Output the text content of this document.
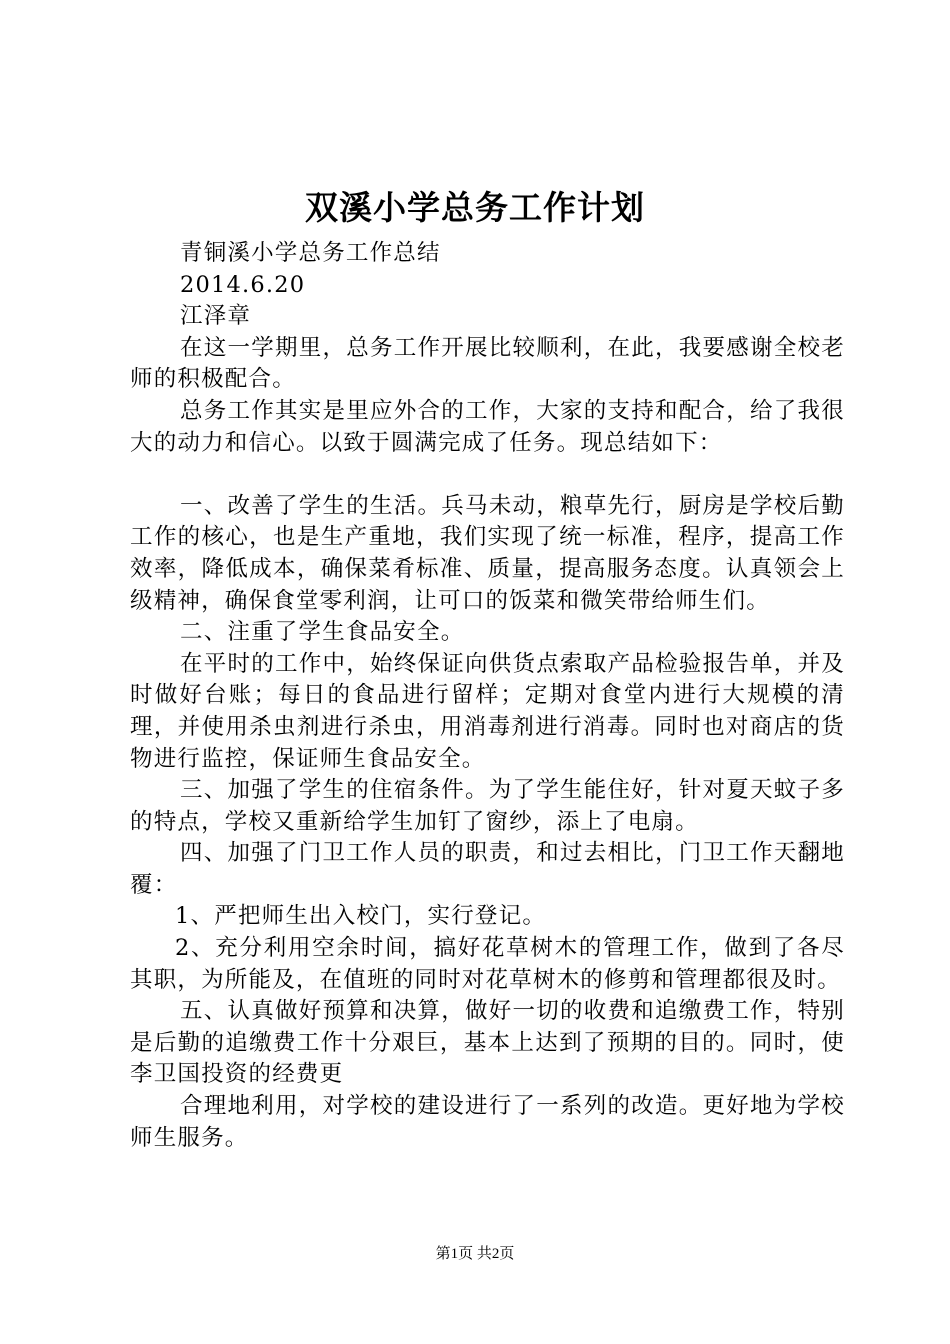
双溪小学总务工作计划

青铜溪小学总务工作总结

2014.6.20

江泽章

在这一学期里，总务工作开展比较顺利，在此，我要感谢全校老师的积极配合。

总务工作其实是里应外合的工作，大家的支持和配合，给了我很大的动力和信心。以致于圆满完成了任务。现总结如下：

一、改善了学生的生活。兵马未动，粮草先行，厨房是学校后勤工作的核心，也是生产重地，我们实现了统一标准，程序，提高工作效率，降低成本，确保菜肴标准、质量，提高服务态度。认真领会上级精神，确保食堂零利润，让可口的饭菜和微笑带给师生们。

二、注重了学生食品安全。

在平时的工作中，始终保证向供货点索取产品检验报告单，并及时做好台账；每日的食品进行留样；定期对食堂内进行大规模的清理，并使用杀虫剂进行杀虫，用消毒剂进行消毒。同时也对商店的货物进行监控，保证师生食品安全。

三、加强了学生的住宿条件。为了学生能住好，针对夏天蚊子多的特点，学校又重新给学生加钉了窗纱，添上了电扇。

四、加强了门卫工作人员的职责，和过去相比，门卫工作天翻地覆：

1、严把师生出入校门，实行登记。

2、充分利用空余时间，搞好花草树木的管理工作，做到了各尽其职，为所能及，在值班的同时对花草树木的修剪和管理都很及时。

五、认真做好预算和决算，做好一切的收费和追缴费工作，特别是后勤的追缴费工作十分艰巨，基本上达到了预期的目的。同时，使李卫国投资的经费更

合理地利用，对学校的建设进行了一系列的改造。更好地为学校师生服务。

第1页 共2页
